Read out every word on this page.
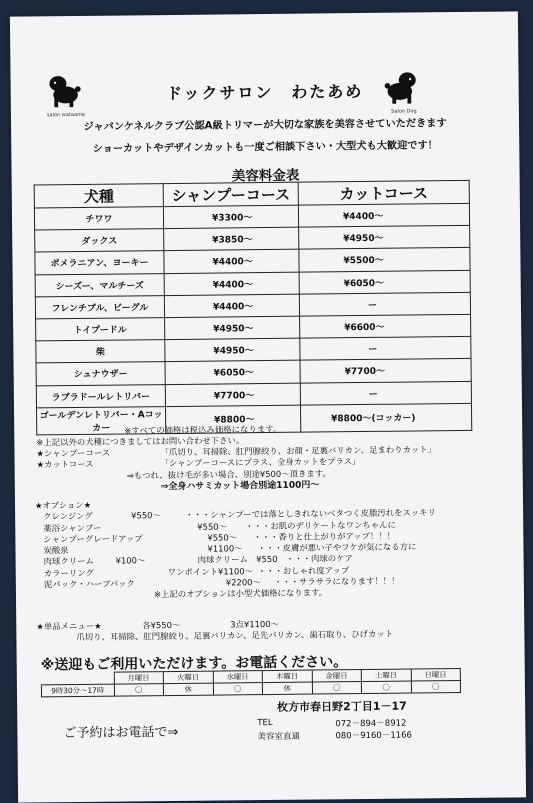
salon wataame
Salon Dog
ドックサロン　わたあめ
ジャパンケネルクラブ公認A級トリマーが大切な家族を美容させていただきます
ショーカットやデザインカットも一度ご相談下さい・大型犬も大歓迎です！
美容料金表
犬種	シャンプーコース	カットコース
チワワ	¥3300～	¥4400～
ダックス	¥3850～	¥4950～
ポメラニアン、ヨーキー	¥4400～	¥5500～
シーズー、マルチーズ	¥4400～	¥6050～
フレンチブル、ビーグル	¥4400～	ー
トイプードル	¥4950～	¥6600～
柴	¥4950～	ー
シュナウザー	¥6050～	¥7700～
ラブラドールレトリバー	¥7700～	ー
ゴールデンレトリバー・Aコッカー	¥8800～	¥8800～(コッカー)
※すべての価格は税込み価格になります。
※上記以外の犬種につきましてはお問い合わせ下さい。
★シャンプーコース	「爪切り、耳掃除、肛門腺絞り、お顔・足裏バリカン、足まわりカット」
★カットコース	「シャンプーコースにプラス、全身カットをプラス」
⇒もつれ、抜け毛が多い場合、別途¥500～頂きます。
⇒全身ハサミカット場合別途1100円～
★オプション★
クレンジング	¥550～	・・・シャンプーでは落としきれないベタつく皮脂汚れをスッキリ
薬浴シャンプー	¥550～ ・・・お肌のデリケートなワンちゃんに
シャンプーグレードアップ	¥550～ ・・・香りと仕上がりがアップ！！！
炭酸泉	¥1100～ ・・・皮膚が悪い子やフケが気になる方に
肉球クリーム	¥100～	肉球クリーム　¥550　・・・肉球のケア
カラーリング	ワンポイント¥1100～ ・・・おしゃれ度アップ
泥パック・ハーブパック	¥2200～ ・・・サラサラになります！！！
※上記のオプションは小型犬価格になります。
★単品メニュー★	各¥550～	3点¥1100～
爪切り、耳掃除、肛門腺絞り、足裏バリカン、足先バリカン、歯石取り、ひげカット
※送迎もご利用いただけます。お電話ください。
	月曜日	火曜日	水曜日	木曜日	金曜日	土曜日	日曜日
9時30分～17時	〇	休	〇	休	〇	〇	〇
枚方市春日野2丁目1－17
ご予約はお電話で⇒
TEL	072－894－8912
美容室直通	080－9160－1166
